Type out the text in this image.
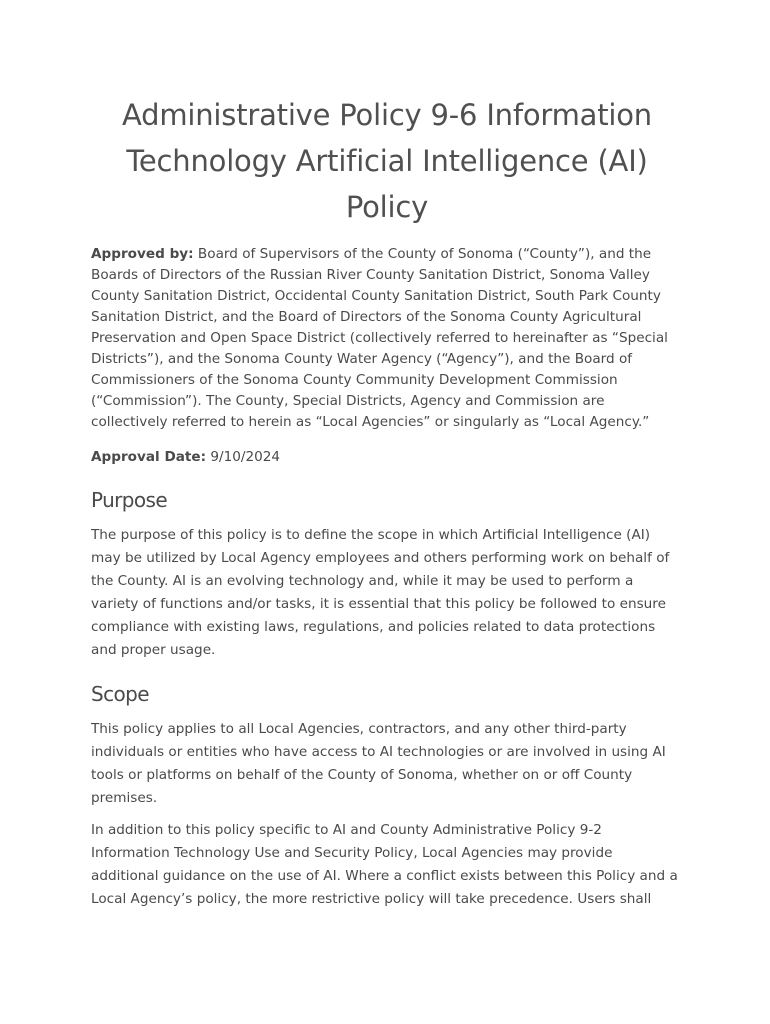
Administrative Policy 9-6 Information Technology Artificial Intelligence (AI) Policy

Approved by: Board of Supervisors of the County of Sonoma (“County”), and the Boards of Directors of the Russian River County Sanitation District, Sonoma Valley County Sanitation District, Occidental County Sanitation District, South Park County Sanitation District, and the Board of Directors of the Sonoma County Agricultural Preservation and Open Space District (collectively referred to hereinafter as “Special Districts”), and the Sonoma County Water Agency (“Agency”), and the Board of Commissioners of the Sonoma County Community Development Commission (“Commission”). The County, Special Districts, Agency and Commission are collectively referred to herein as “Local Agencies” or singularly as “Local Agency.”

Approval Date: 9/10/2024

Purpose

The purpose of this policy is to define the scope in which Artificial Intelligence (AI) may be utilized by Local Agency employees and others performing work on behalf of the County. AI is an evolving technology and, while it may be used to perform a variety of functions and/or tasks, it is essential that this policy be followed to ensure compliance with existing laws, regulations, and policies related to data protections and proper usage.

Scope

This policy applies to all Local Agencies, contractors, and any other third-party individuals or entities who have access to AI technologies or are involved in using AI tools or platforms on behalf of the County of Sonoma, whether on or off County premises.

In addition to this policy specific to AI and County Administrative Policy 9-2 Information Technology Use and Security Policy, Local Agencies may provide additional guidance on the use of AI. Where a conflict exists between this Policy and a Local Agency’s policy, the more restrictive policy will take precedence. Users shall
